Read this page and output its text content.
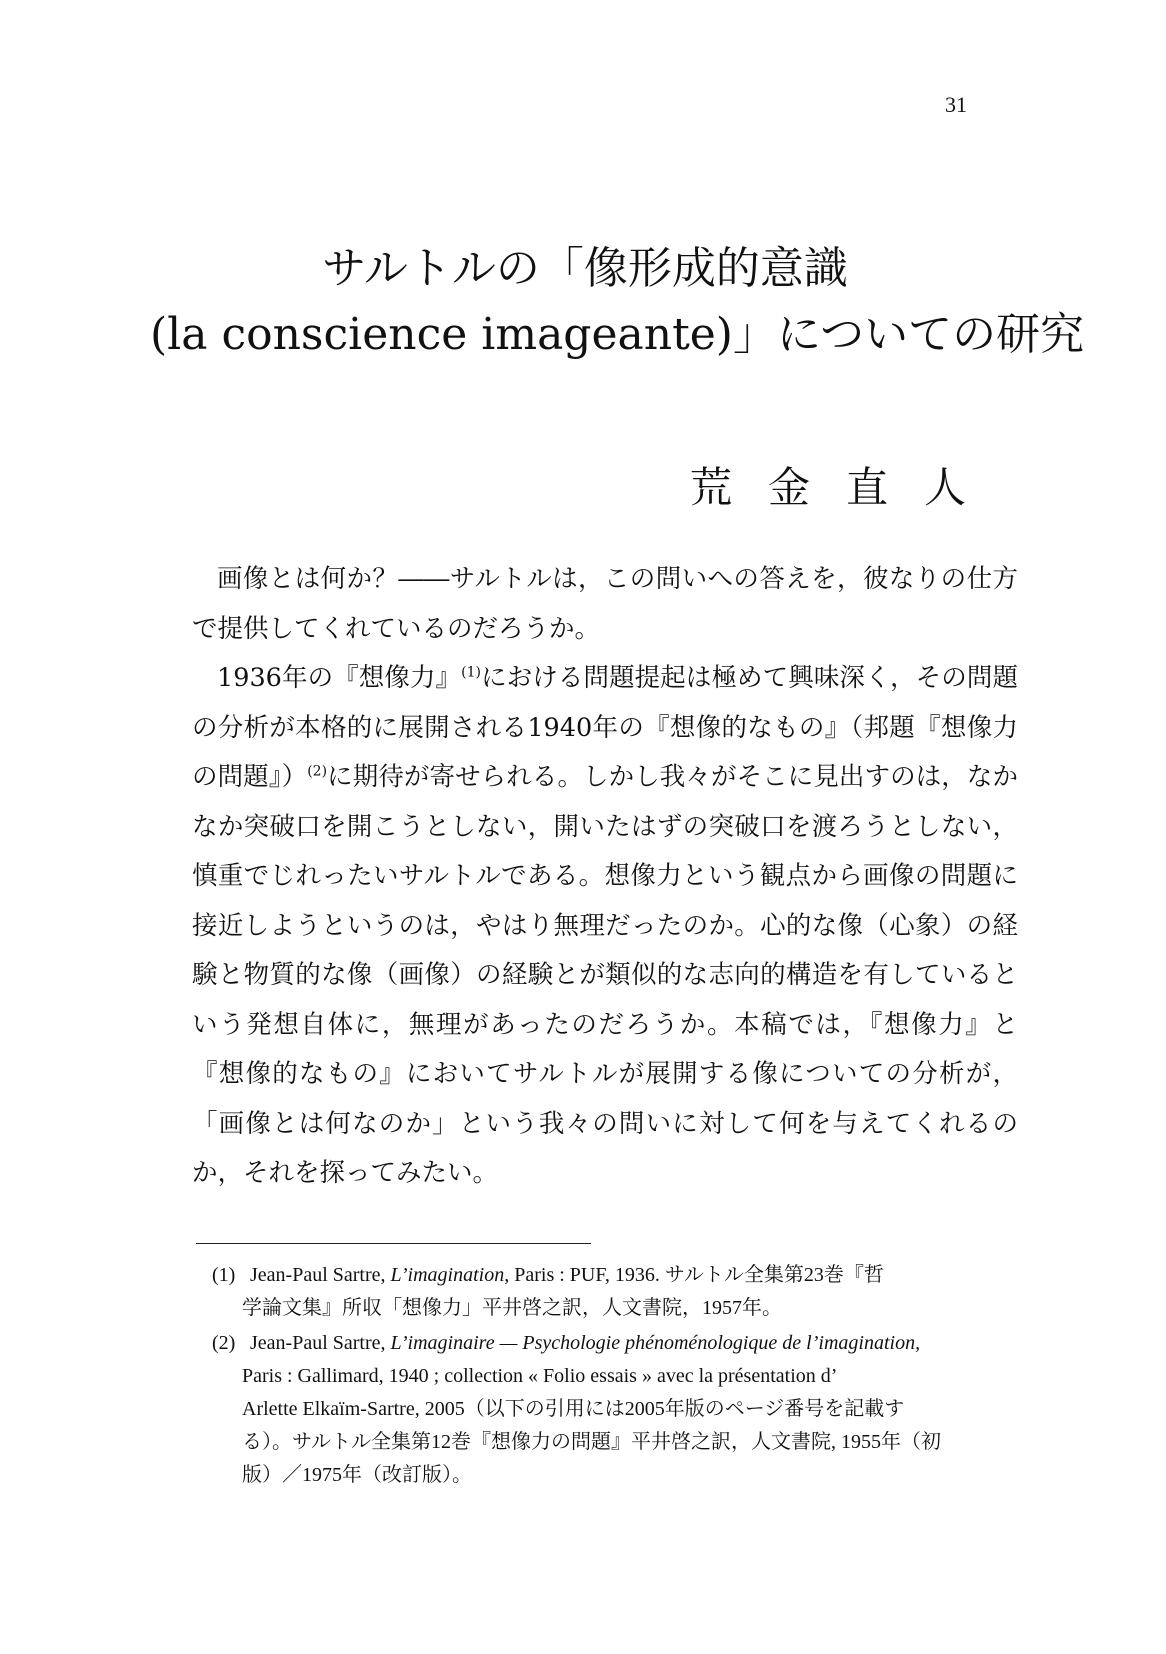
31
サルトルの「像形成的意識
(la conscience imageante)」についての研究
荒金直人

画像とは何か？――サルトルは，この問いへの答えを，彼なりの仕方で提供してくれているのだろうか。

1936年の『想像力』$^{(1)}$における問題提起は極めて興味深く，その問題の分析が本格的に展開される1940年の『想像的なもの』（邦題『想像力の問題』）$^{(2)}$に期待が寄せられる。しかし我々がそこに見出すのは，なかなか突破口を開こうとしない，開いたはずの突破口を渡ろうとしない，慎重でじれったいサルトルである。想像力という観点から画像の問題に接近しようというのは，やはり無理だったのか。心的な像（心象）の経験と物質的な像（画像）の経験とが類似的な志向的構造を有しているという発想自体に，無理があったのだろうか。本稿では，『想像力』と『想像的なもの』においてサルトルが展開する像についての分析が，「画像とは何なのか」という我々の問いに対して何を与えてくれるのか，それを探ってみたい。

(1) Jean-Paul Sartre, L’imagination, Paris : PUF, 1936. サルトル全集第23巻『哲
学論文集』所収「想像力」平井啓之訳，人文書院，1957年。
(2) Jean-Paul Sartre, L’imaginaire — Psychologie phénoménologique de l’imagination,
Paris : Gallimard, 1940 ; collection « Folio essais » avec la présentation d’
Arlette Elkaïm-Sartre, 2005（以下の引用には2005年版のページ番号を記載す
る）。サルトル全集第12巻『想像力の問題』平井啓之訳，人文書院, 1955年（初
版）／1975年（改訂版）。
